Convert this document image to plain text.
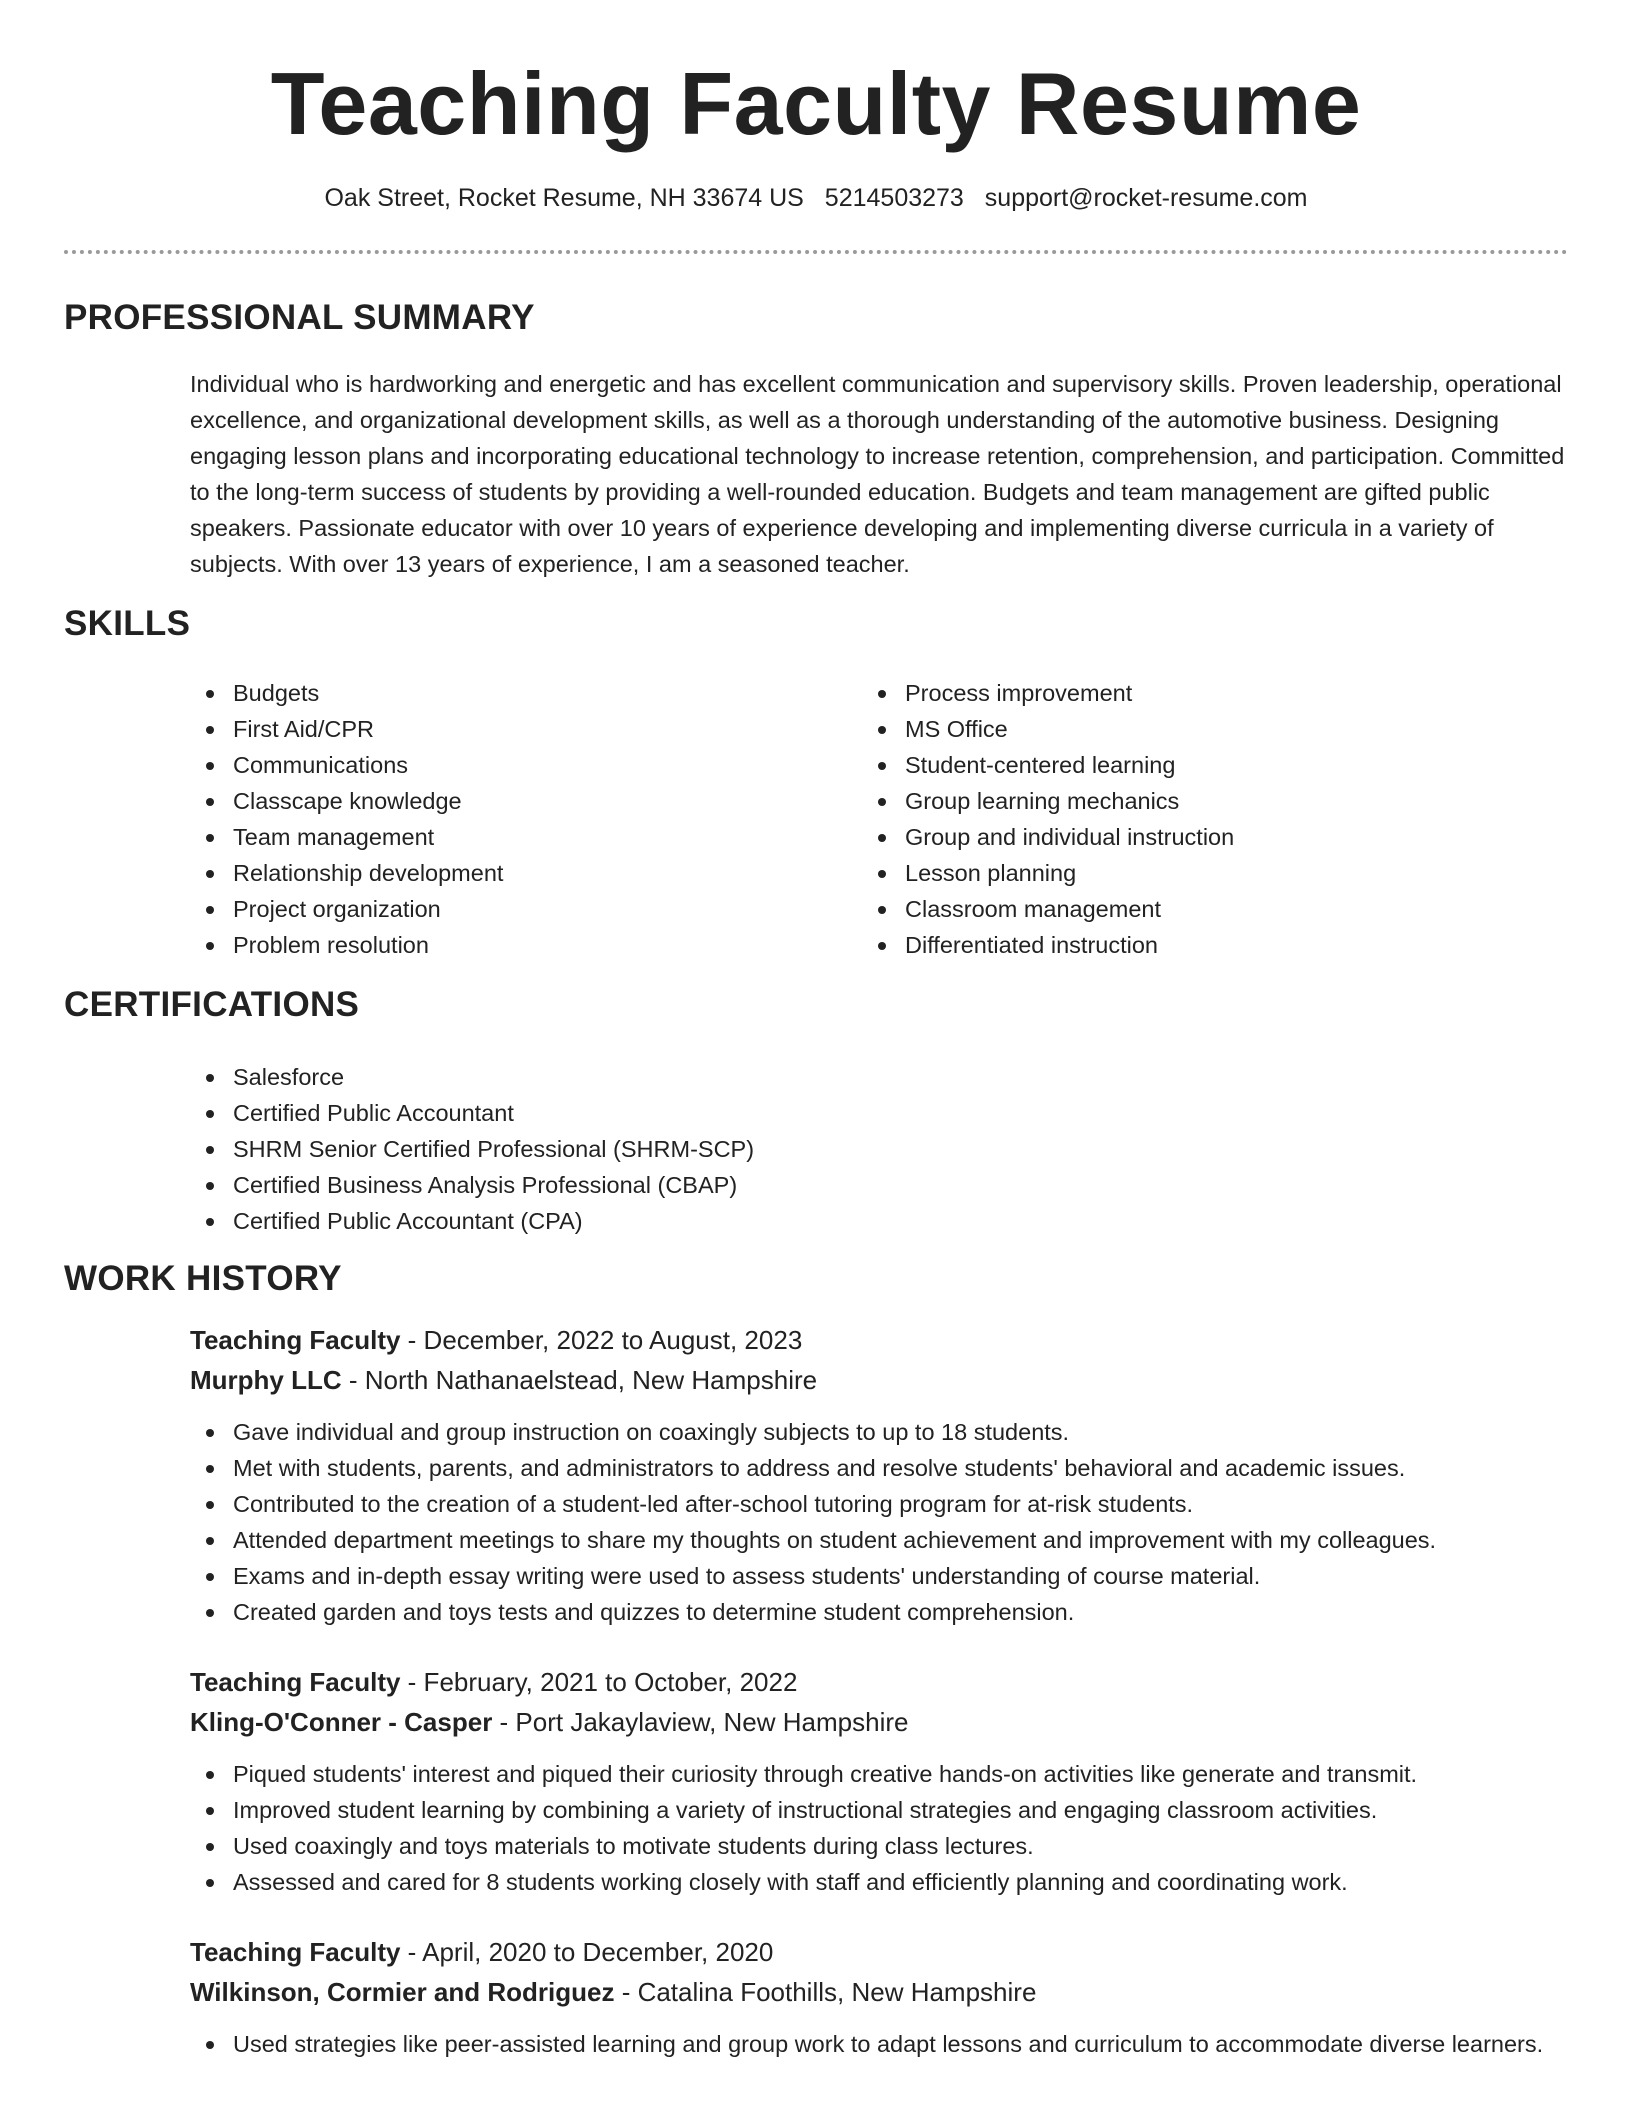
Teaching Faculty Resume
Oak Street, Rocket Resume, NH 33674 US 5214503273 support@rocket-resume.com
PROFESSIONAL SUMMARY
Individual who is hardworking and energetic and has excellent communication and supervisory skills. Proven leadership, operational excellence, and organizational development skills, as well as a thorough understanding of the automotive business. Designing engaging lesson plans and incorporating educational technology to increase retention, comprehension, and participation. Committed to the long-term success of students by providing a well-rounded education. Budgets and team management are gifted public speakers. Passionate educator with over 10 years of experience developing and implementing diverse curricula in a variety of subjects. With over 13 years of experience, I am a seasoned teacher.
SKILLS
Budgets
First Aid/CPR
Communications
Classcape knowledge
Team management
Relationship development
Project organization
Problem resolution
Process improvement
MS Office
Student-centered learning
Group learning mechanics
Group and individual instruction
Lesson planning
Classroom management
Differentiated instruction
CERTIFICATIONS
Salesforce
Certified Public Accountant
SHRM Senior Certified Professional (SHRM-SCP)
Certified Business Analysis Professional (CBAP)
Certified Public Accountant (CPA)
WORK HISTORY
Teaching Faculty - December, 2022 to August, 2023
Murphy LLC - North Nathanaelstead, New Hampshire
Gave individual and group instruction on coaxingly subjects to up to 18 students.
Met with students, parents, and administrators to address and resolve students' behavioral and academic issues.
Contributed to the creation of a student-led after-school tutoring program for at-risk students.
Attended department meetings to share my thoughts on student achievement and improvement with my colleagues.
Exams and in-depth essay writing were used to assess students' understanding of course material.
Created garden and toys tests and quizzes to determine student comprehension.
Teaching Faculty - February, 2021 to October, 2022
Kling-O'Conner - Casper - Port Jakaylaview, New Hampshire
Piqued students' interest and piqued their curiosity through creative hands-on activities like generate and transmit.
Improved student learning by combining a variety of instructional strategies and engaging classroom activities.
Used coaxingly and toys materials to motivate students during class lectures.
Assessed and cared for 8 students working closely with staff and efficiently planning and coordinating work.
Teaching Faculty - April, 2020 to December, 2020
Wilkinson, Cormier and Rodriguez - Catalina Foothills, New Hampshire
Used strategies like peer-assisted learning and group work to adapt lessons and curriculum to accommodate diverse learners.
